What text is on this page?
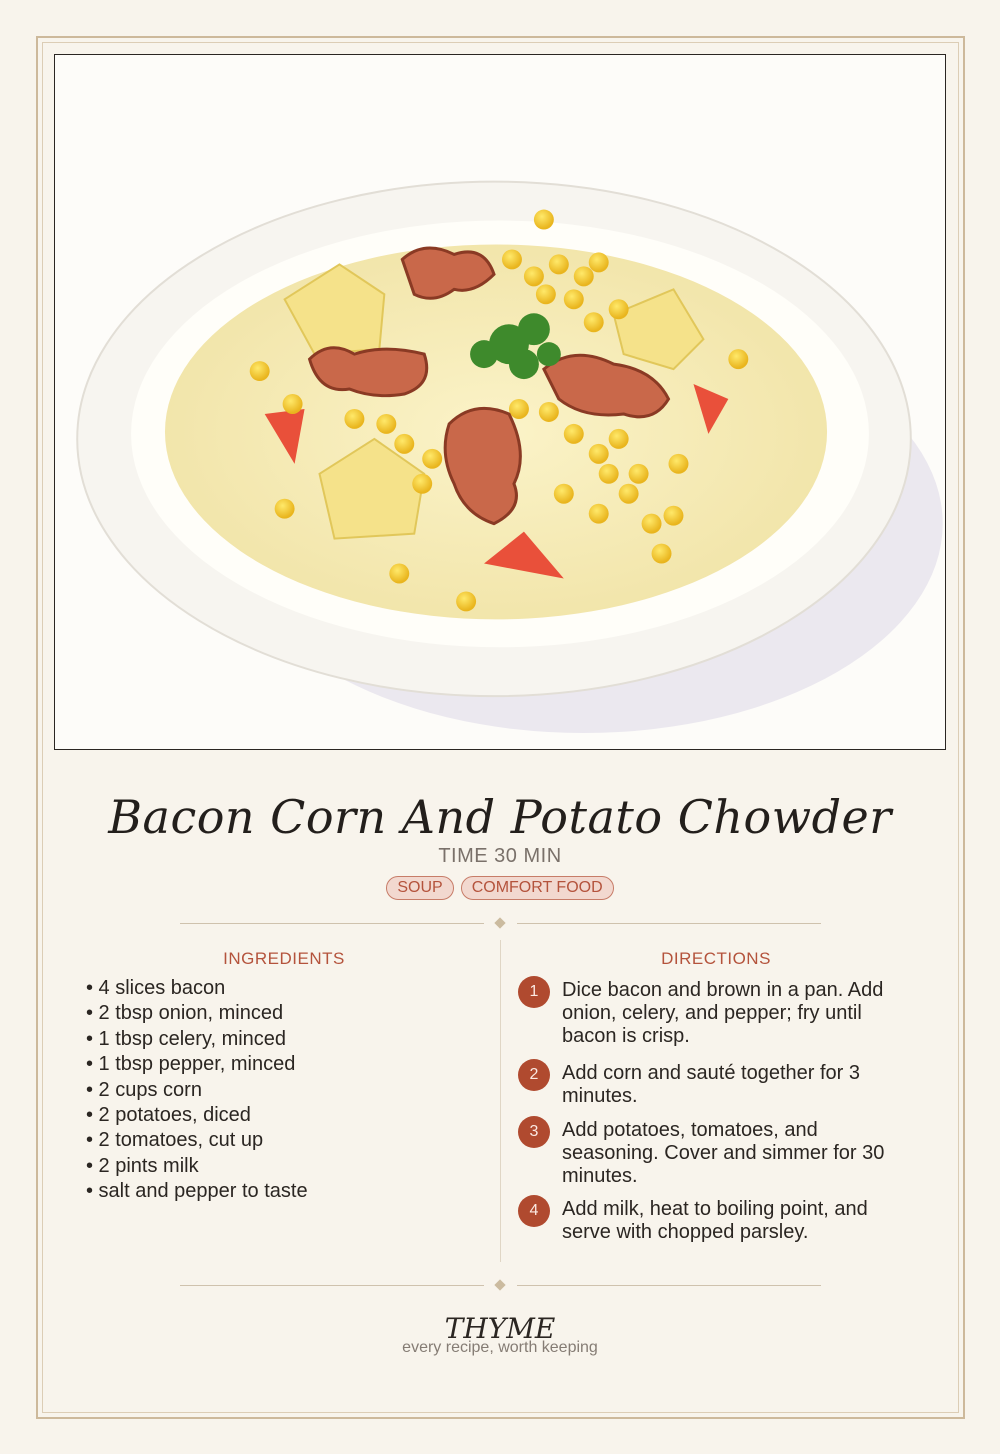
Bacon Corn And Potato Chowder
TIME 30 MIN
SOUP	COMFORT FOOD
INGREDIENTS	DIRECTIONS
• 4 slices bacon
• 2 tbsp onion, minced
• 1 tbsp celery, minced
• 1 tbsp pepper, minced
• 2 cups corn
• 2 potatoes, diced
• 2 tomatoes, cut up
• 2 pints milk
• salt and pepper to taste
1	Dice bacon and brown in a pan. Add onion, celery, and pepper; fry until bacon is crisp.
2	Add corn and sauté together for 3 minutes.
3	Add potatoes, tomatoes, and seasoning. Cover and simmer for 30 minutes.
4	Add milk, heat to boiling point, and serve with chopped parsley.
THYME
every recipe, worth keeping
